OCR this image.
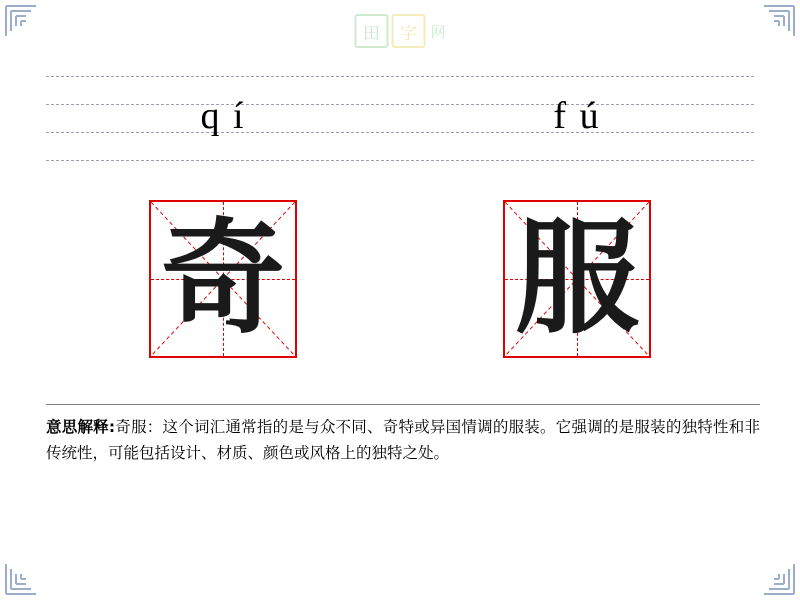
田	字 网
q í	f ú
奇 服
意思解释:奇服：这个词汇通常指的是与众不同、奇特或异国情调的服装。它强调的是服装的独特性和非传统性，可能包括设计、材质、颜色或风格上的独特之处。
